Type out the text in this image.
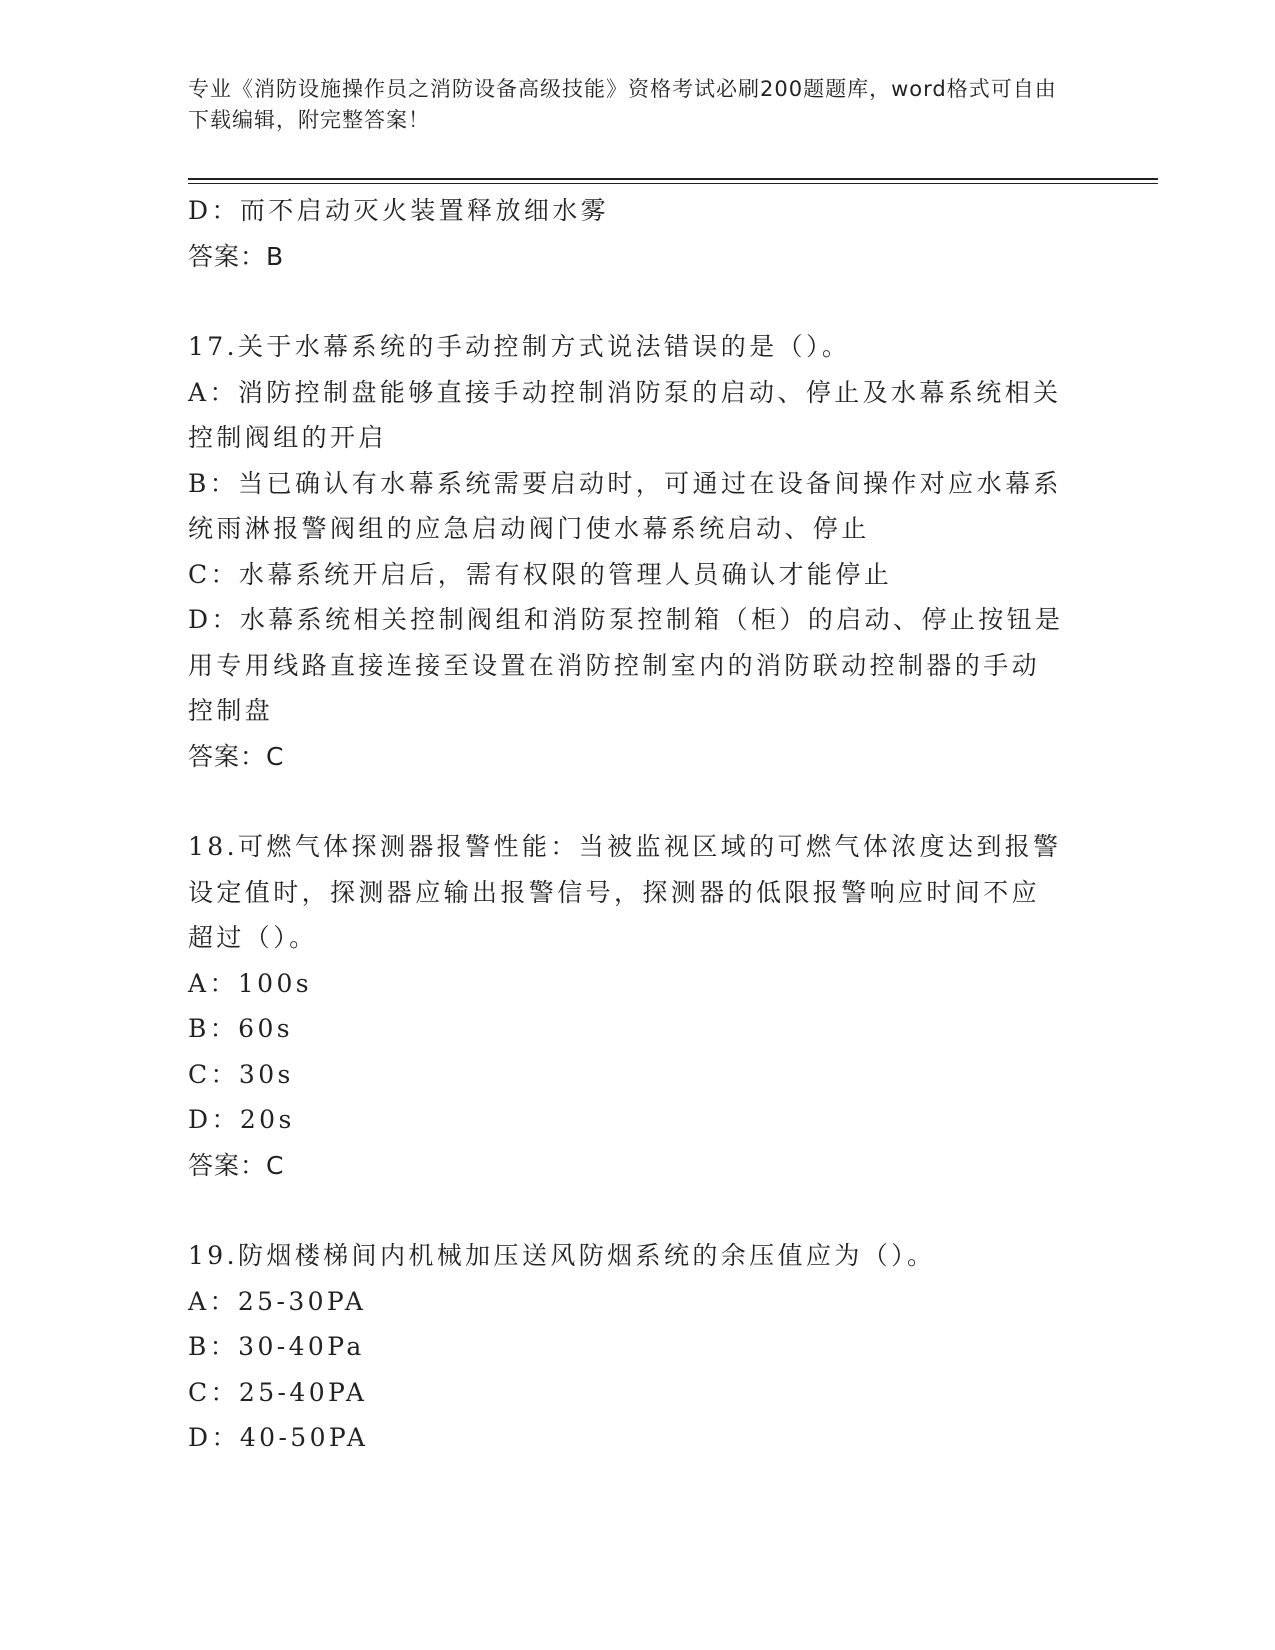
专业《消防设施操作员之消防设备高级技能》资格考试必刷200题题库，word格式可自由下载编辑，附完整答案！

D：而不启动灭火装置释放细水雾

答案：B

17.关于水幕系统的手动控制方式说法错误的是（）。

A：消防控制盘能够直接手动控制消防泵的启动、停止及水幕系统相关

控制阀组的开启

B：当已确认有水幕系统需要启动时，可通过在设备间操作对应水幕系

统雨淋报警阀组的应急启动阀门使水幕系统启动、停止

C：水幕系统开启后，需有权限的管理人员确认才能停止

D：水幕系统相关控制阀组和消防泵控制箱（柜）的启动、停止按钮是

用专用线路直接连接至设置在消防控制室内的消防联动控制器的手动

控制盘

答案：C

18.可燃气体探测器报警性能：当被监视区域的可燃气体浓度达到报警

设定值时，探测器应输出报警信号，探测器的低限报警响应时间不应

超过（）。

A：100s

B：60s

C：30s

D：20s

答案：C

19.防烟楼梯间内机械加压送风防烟系统的余压值应为（）。

A：25-30PA

B：30-40Pa

C：25-40PA

D：40-50PA
